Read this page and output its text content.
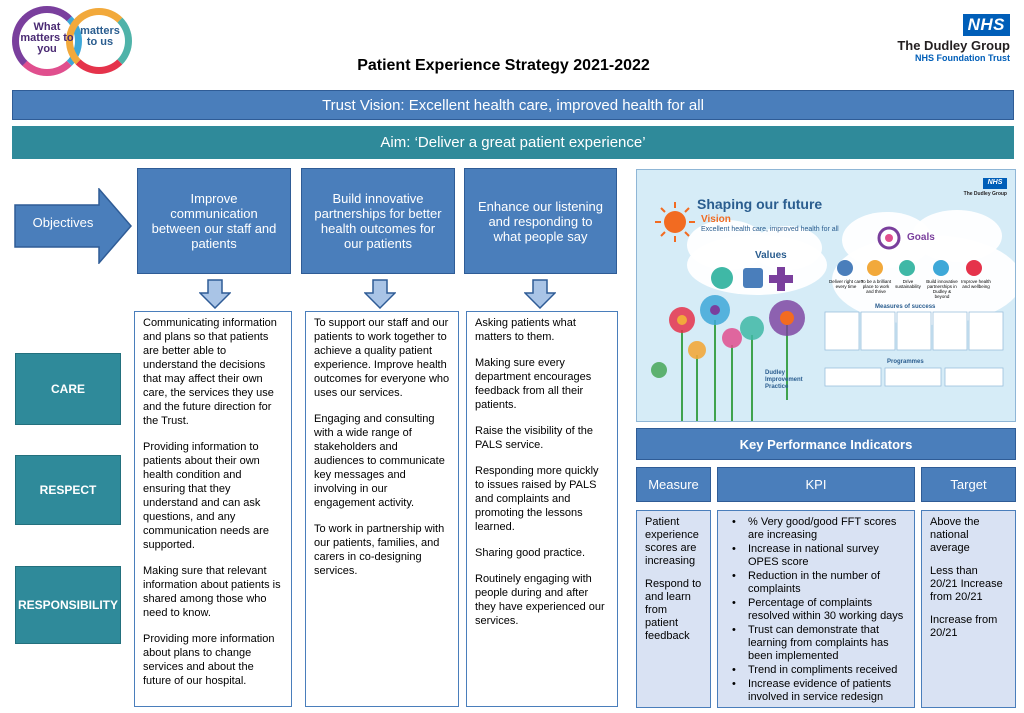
What matters to you
matters to us
NHS
The Dudley Group
NHS Foundation Trust
Patient Experience Strategy 2021-2022
Trust Vision: Excellent health care, improved health for all
Aim: ‘Deliver a great patient experience’
Objectives
Improve communication between our staff and patients
Build innovative partnerships for better health outcomes for our patients
Enhance our listening and responding to what people say
CARE
RESPECT
RESPONSIBILITY

Communicating information and plans so that patients are better able to understand the decisions that may affect their own care, the services they use and the future direction for the Trust.

Providing information to patients about their own health condition and ensuring that they understand and can ask questions, and any communication needs are supported.

Making sure that relevant information about patients is shared among those who need to know.

Providing more information about plans to change services and about the future of our hospital.

To support our staff and our patients to work together to achieve a quality patient experience. Improve health outcomes for everyone who uses our services.

Engaging and consulting with a wide range of stakeholders and audiences to communicate key messages and involving in our engagement activity.

To work in partnership with our patients, families, and carers in co-designing services.

Asking patients what matters to them.

Making sure every department encourages feedback from all their patients.

Raise the visibility of the PALS service.

Responding more quickly to issues raised by PALS and complaints and promoting the lessons learned.

Sharing good practice.

Routinely engaging with people during and after they have experienced our services.

Shaping our future
Vision
Excellent health care, improved health for all
Values
Goals
Deliver right care every time
To be a brilliant place to work and thrive
Drive sustainability
Build innovative partnerships in Dudley & beyond
Improve health and wellbeing
Measures of success
Programmes
Dudley Improvement Practice
NHS
The Dudley Group
Key Performance Indicators
Measure	KPI	Target

Patient experience scores are increasing

Respond to and learn from patient feedback

• % Very good/good FFT scores are increasing
• Increase in national survey OPES score
• Reduction in the number of complaints
• Percentage of complaints resolved within 30 working days
• Trust can demonstrate that learning from complaints has been implemented
• Trend in compliments received
• Increase evidence of patients involved in service redesign

Above the national average

Less than 20/21 Increase from 20/21

Increase from 20/21
